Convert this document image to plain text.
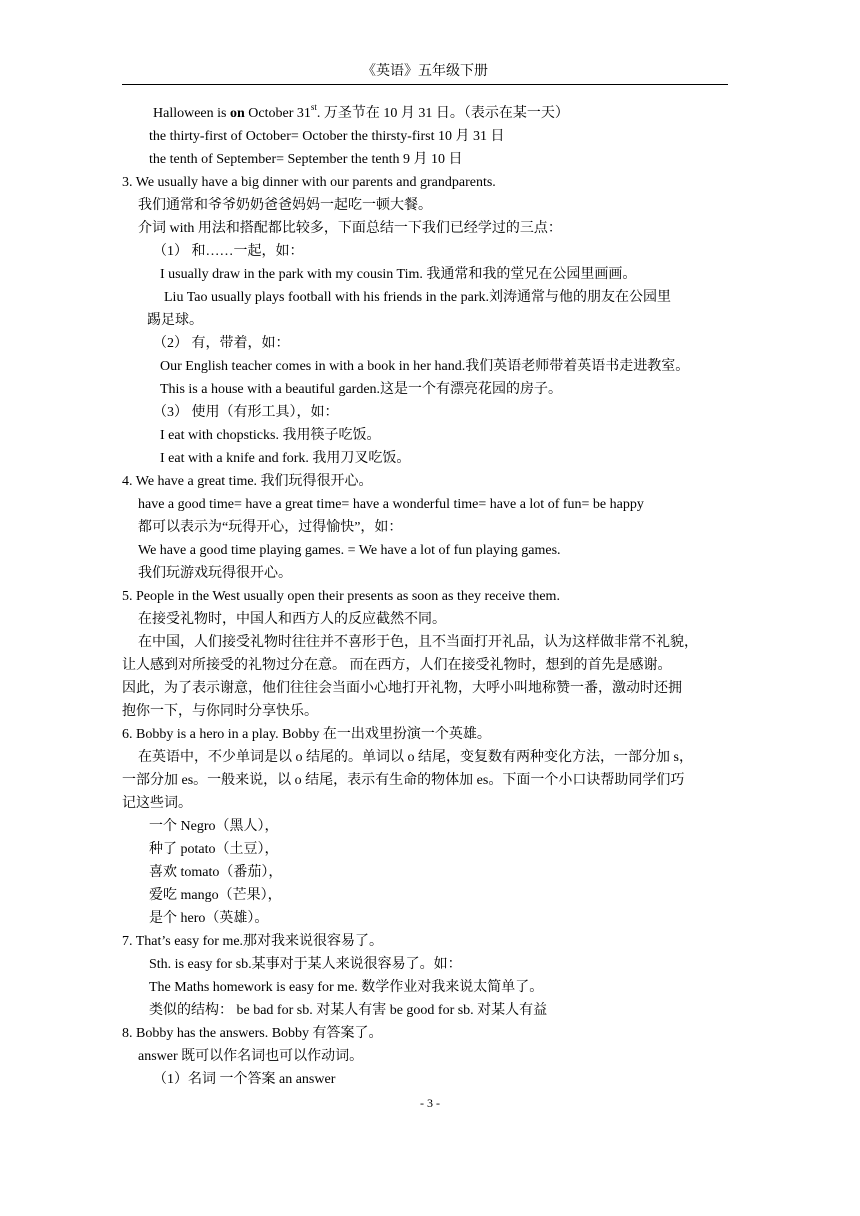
《英语》五年级下册
Halloween is on October 31st. 万圣节在 10 月 31 日。（表示在某一天）
the thirty-first of October= October the thirsty-first 10 月 31 日
the tenth of September= September the tenth 9 月 10 日
3. We usually have a big dinner with our parents and grandparents.
我们通常和爷爷奶奶爸爸妈妈一起吃一顿大餐。
介词 with 用法和搭配都比较多，下面总结一下我们已经学过的三点：
（1） 和……一起，如：
I usually draw in the park with my cousin Tim. 我通常和我的堂兄在公园里画画。
Liu Tao usually plays football with his friends in the park.刘涛通常与他的朋友在公园里
踢足球。
（2） 有，带着，如：
Our English teacher comes in with a book in her hand.我们英语老师带着英语书走进教室。
This is a house with a beautiful garden.这是一个有漂亮花园的房子。
（3） 使用（有形工具），如：
I eat with chopsticks. 我用筷子吃饭。
I eat with a knife and fork. 我用刀叉吃饭。
4. We have a great time. 我们玩得很开心。
have a good time= have a great time= have a wonderful time= have a lot of fun= be happy
都可以表示为“玩得开心，过得愉快”，如：
We have a good time playing games. = We have a lot of fun playing games.
我们玩游戏玩得很开心。
5. People in the West usually open their presents as soon as they receive them.
在接受礼物时，中国人和西方人的反应截然不同。
在中国，人们接受礼物时往往并不喜形于色，且不当面打开礼品，认为这样做非常不礼貌，
让人感到对所接受的礼物过分在意。 而在西方，人们在接受礼物时，想到的首先是感谢。
因此，为了表示谢意，他们往往会当面小心地打开礼物，大呼小叫地称赞一番，激动时还拥
抱你一下，与你同时分享快乐。
6. Bobby is a hero in a play. Bobby 在一出戏里扮演一个英雄。
在英语中，不少单词是以 o 结尾的。单词以 o 结尾，变复数有两种变化方法，一部分加 s，
一部分加 es。一般来说，以 o 结尾，表示有生命的物体加 es。下面一个小口诀帮助同学们巧
记这些词。
一个 Negro（黑人），
种了 potato（土豆），
喜欢 tomato（番茄），
爱吃 mango（芒果），
是个 hero（英雄）。
7. That’s easy for me.那对我来说很容易了。
Sth. is easy for sb.某事对于某人来说很容易了。如：
The Maths homework is easy for me. 数学作业对我来说太简单了。
类似的结构： be bad for sb. 对某人有害 be good for sb. 对某人有益
8. Bobby has the answers. Bobby 有答案了。
answer 既可以作名词也可以作动词。
（1）名词 一个答案 an answer
- 3 -
